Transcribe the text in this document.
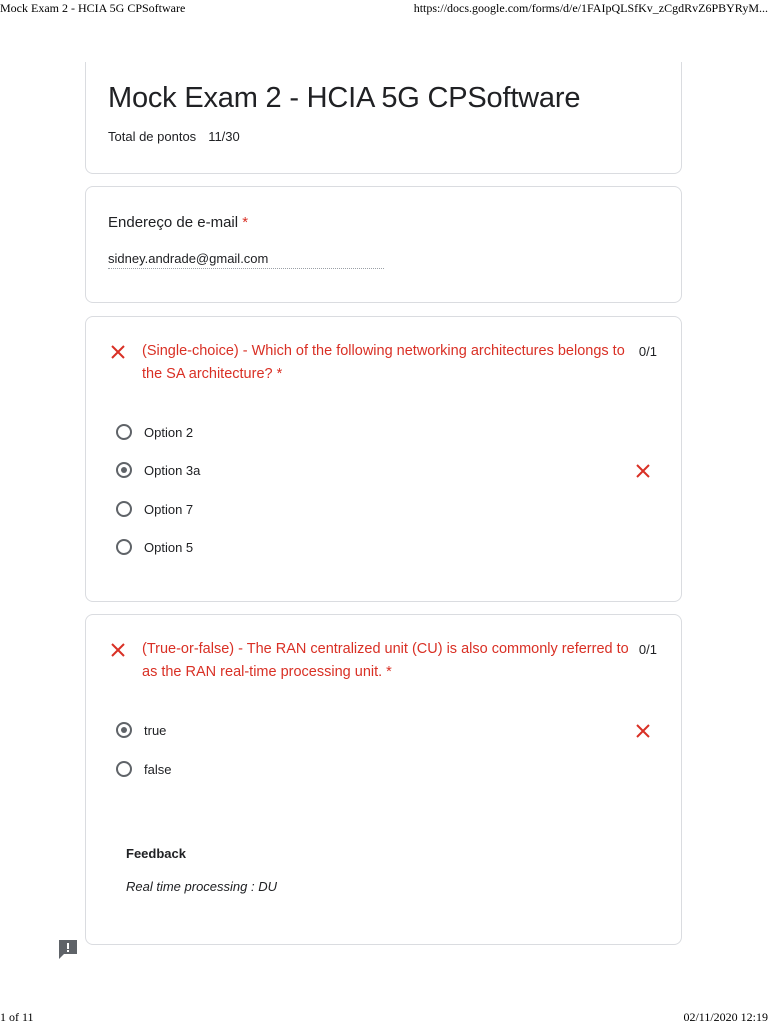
Mock Exam 2 - HCIA 5G CPSoftware	https://docs.google.com/forms/d/e/1FAIpQLSfKv_zCgdRvZ6PBYRyM...
Mock Exam 2 - HCIA 5G CPSoftware
Total de pontos 11/30
Endereço de e-mail *
sidney.andrade@gmail.com
(Single-choice) - Which of the following networking architectures belongs to the SA architecture? *
0/1
Option 2
Option 3a
Option 7
Option 5
(True-or-false) - The RAN centralized unit (CU) is also commonly referred to as the RAN real-time processing unit. *
0/1
true
false
Feedback
Real time processing : DU
1 of 11	02/11/2020 12:19
